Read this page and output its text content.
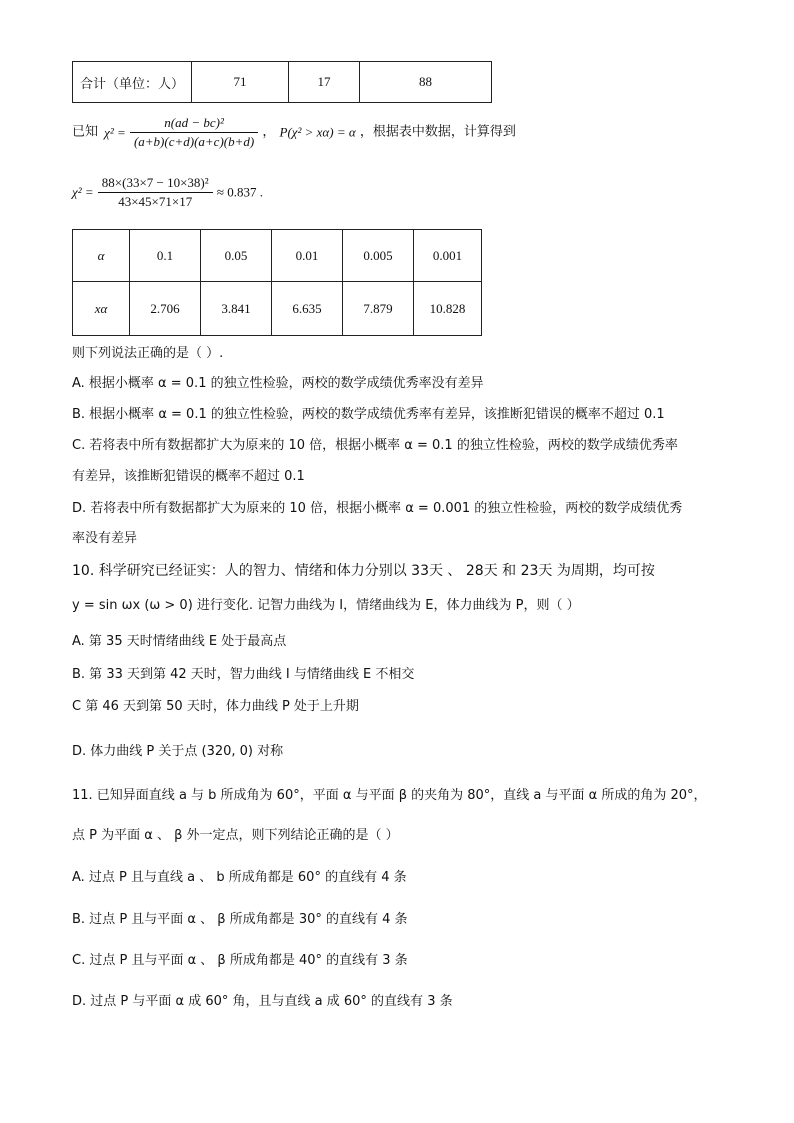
合计（单位：人）	71	17	88
已知 $\chi^2 = \frac{\text{n(ad − bc)²}}{(a+b)(c+d)(a+c)(b+d)}$ ， P(χ² > xα) = α ，根据表中数据，计算得到
$\chi^2 = \frac{\text{88×(33×7 − 10×38)²}}{43\times 45\times 71\times 17} \approx 0.837$ .
α	0.1	0.05	0.01	0.005	0.001
xα	2.706	3.841	6.635	7.879	10.828
则下列说法正确的是（ ）.
A. 根据小概率 α = 0.1 的独立性检验，两校的数学成绩优秀率没有差异
B. 根据小概率 α = 0.1 的独立性检验，两校的数学成绩优秀率有差异，该推断犯错误的概率不超过 0.1
C. 若将表中所有数据都扩大为原来的 10 倍，根据小概率 α = 0.1 的独立性检验，两校的数学成绩优秀率
有差异，该推断犯错误的概率不超过 0.1
D. 若将表中所有数据都扩大为原来的 10 倍，根据小概率 α = 0.001 的独立性检验，两校的数学成绩优秀
率没有差异
10. 科学研究已经证实：人的智力、情绪和体力分别以 33天 、 28天 和 23天 为周期，均可按
y = sin ωx (ω > 0) 进行变化. 记智力曲线为 I，情绪曲线为 E，体力曲线为 P，则（ ）
A. 第 35 天时情绪曲线 E 处于最高点
B. 第 33 天到第 42 天时，智力曲线 I 与情绪曲线 E 不相交
C 第 46 天到第 50 天时，体力曲线 P 处于上升期
D. 体力曲线 P 关于点 (320, 0) 对称
11. 已知异面直线 a 与 b 所成角为 60°，平面 α 与平面 β 的夹角为 80°，直线 a 与平面 α 所成的角为 20°，
点 P 为平面 α 、 β 外一定点，则下列结论正确的是（ ）
A. 过点 P 且与直线 a 、 b 所成角都是 60° 的直线有 4 条
B. 过点 P 且与平面 α 、 β 所成角都是 30° 的直线有 4 条
C. 过点 P 且与平面 α 、 β 所成角都是 40° 的直线有 3 条
D. 过点 P 与平面 α 成 60° 角，且与直线 a 成 60° 的直线有 3 条
